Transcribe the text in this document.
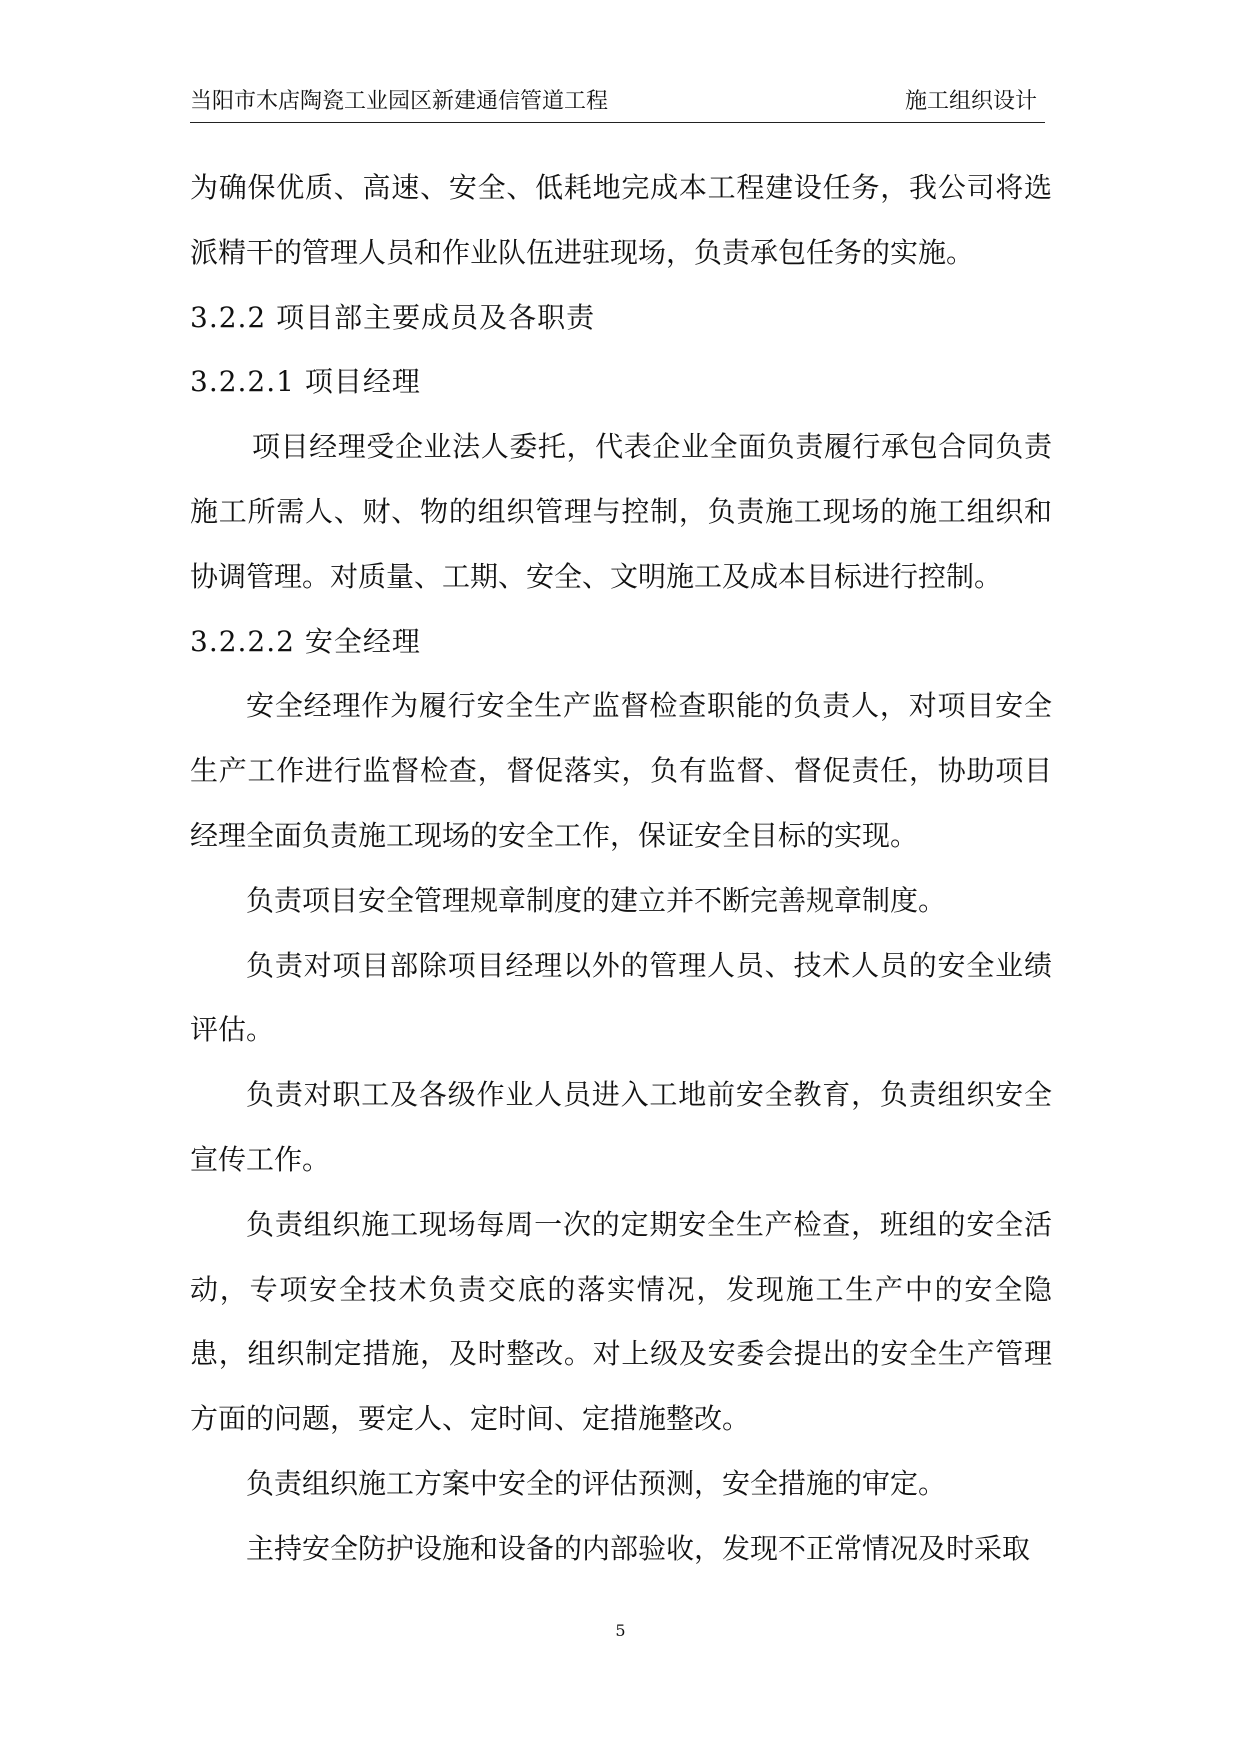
当阳市木店陶瓷工业园区新建通信管道工程	施工组织设计

为确保优质、高速、安全、低耗地完成本工程建设任务，我公司将选派精干的管理人员和作业队伍进驻现场，负责承包任务的实施。

3.2.2 项目部主要成员及各职责

3.2.2.1 项目经理

项目经理受企业法人委托，代表企业全面负责履行承包合同负责施工所需人、财、物的组织管理与控制，负责施工现场的施工组织和协调管理。对质量、工期、安全、文明施工及成本目标进行控制。

3.2.2.2 安全经理

安全经理作为履行安全生产监督检查职能的负责人，对项目安全生产工作进行监督检查，督促落实，负有监督、督促责任，协助项目经理全面负责施工现场的安全工作，保证安全目标的实现。

负责项目安全管理规章制度的建立并不断完善规章制度。

负责对项目部除项目经理以外的管理人员、技术人员的安全业绩评估。

负责对职工及各级作业人员进入工地前安全教育，负责组织安全宣传工作。

负责组织施工现场每周一次的定期安全生产检查，班组的安全活动，专项安全技术负责交底的落实情况，发现施工生产中的安全隐患，组织制定措施，及时整改。对上级及安委会提出的安全生产管理方面的问题，要定人、定时间、定措施整改。

负责组织施工方案中安全的评估预测，安全措施的审定。

主持安全防护设施和设备的内部验收，发现不正常情况及时采取

5
